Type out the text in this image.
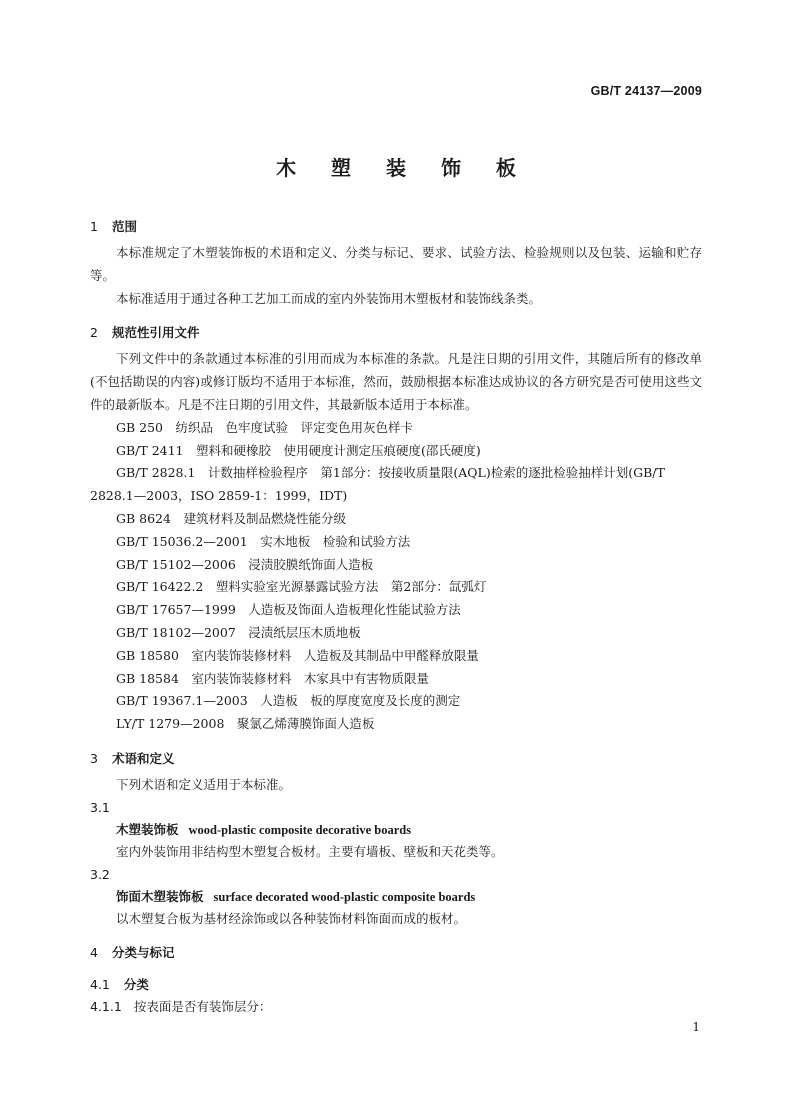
GB/T 24137—2009
木 塑 装 饰 板
1 范围
本标准规定了木塑装饰板的术语和定义、分类与标记、要求、试验方法、检验规则以及包装、运输和贮存等。
本标准适用于通过各种工艺加工而成的室内外装饰用木塑板材和装饰线条类。
2 规范性引用文件
下列文件中的条款通过本标准的引用而成为本标准的条款。凡是注日期的引用文件，其随后所有的修改单(不包括勘误的内容)或修订版均不适用于本标准，然而，鼓励根据本标准达成协议的各方研究是否可使用这些文件的最新版本。凡是不注日期的引用文件，其最新版本适用于本标准。
GB 250　纺织品　色牢度试验　评定变色用灰色样卡
GB/T 2411　塑料和硬橡胶　使用硬度计测定压痕硬度(邵氏硬度)
GB/T 2828.1　计数抽样检验程序　第1部分：按接收质量限(AQL)检索的逐批检验抽样计划(GB/T 2828.1—2003，ISO 2859-1：1999，IDT)
GB 8624　建筑材料及制品燃烧性能分级
GB/T 15036.2—2001　实木地板　检验和试验方法
GB/T 15102—2006　浸渍胶膜纸饰面人造板
GB/T 16422.2　塑料实验室光源暴露试验方法　第2部分：氙弧灯
GB/T 17657—1999　人造板及饰面人造板理化性能试验方法
GB/T 18102—2007　浸渍纸层压木质地板
GB 18580　室内装饰装修材料　人造板及其制品中甲醛释放限量
GB 18584　室内装饰装修材料　木家具中有害物质限量
GB/T 19367.1—2003　人造板　板的厚度宽度及长度的测定
LY/T 1279—2008　聚氯乙烯薄膜饰面人造板
3 术语和定义
下列术语和定义适用于本标准。
3.1
木塑装饰板 wood-plastic composite decorative boards
室内外装饰用非结构型木塑复合板材。主要有墙板、壁板和天花类等。
3.2
饰面木塑装饰板 surface decorated wood-plastic composite boards
以木塑复合板为基材经涂饰或以各种装饰材料饰面而成的板材。
4 分类与标记
4.1 分类
4.1.1 按表面是否有装饰层分：
1
